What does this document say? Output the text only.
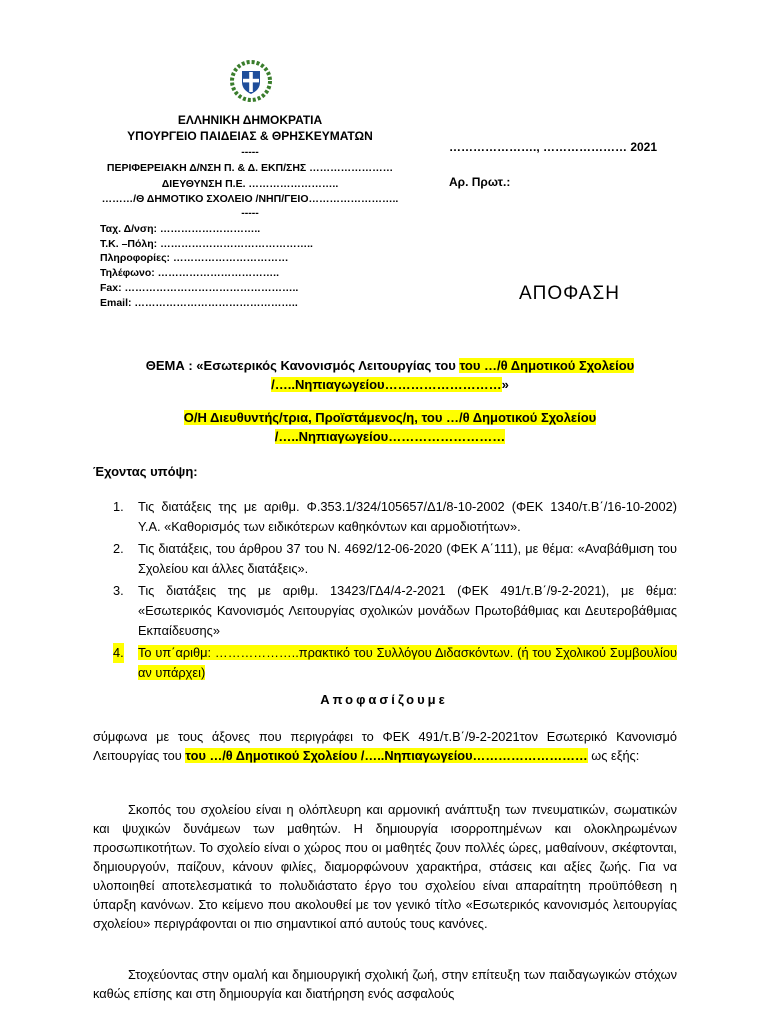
ΕΛΛΗΝΙΚΗ ΔΗΜΟΚΡΑΤΙΑ
ΥΠΟΥΡΓΕΙΟ ΠΑΙΔΕΙΑΣ & ΘΡΗΣΚΕΥΜΑΤΩΝ
-----
ΠΕΡΙΦΕΡΕΙΑΚΗ Δ/ΝΣΗ Π. & Δ. ΕΚΠ/ΣΗΣ ……………………
ΔΙΕΥΘΥΝΣΗ Π.Ε. ……………………..
………/Θ ΔΗΜΟΤΙΚΟ ΣΧΟΛΕΙΟ /ΝΗΠ/ΓΕΙΟ……………………..
-----
Ταχ. Δ/νση: ………………………..
Τ.Κ. –Πόλη: ……………………………………..
Πληροφορίες: ……………………………
Τηλέφωνο: ……………………………..
Fax: …………………………………………..
Email: ………………………………………..
…………………., ………………… 2021
Αρ. Πρωτ.:
ΑΠΟΦΑΣΗ
ΘΕΜΑ : «Εσωτερικός Κανονισμός Λειτουργίας του του …/θ Δημοτικού Σχολείου
/…..Νηπιαγωγείου………………………»
Ο/Η Διευθυντής/τρια, Προϊστάμενος/η, του …/θ Δημοτικού Σχολείου
/…..Νηπιαγωγείου………………………
Έχοντας υπόψη:
1. Τις διατάξεις της με αριθμ. Φ.353.1/324/105657/Δ1/8-10-2002 (ΦΕΚ 1340/τ.Β΄/16-10-2002) Υ.Α. «Καθορισμός των ειδικότερων καθηκόντων και αρμοδιοτήτων».
2. Τις διατάξεις, του άρθρου 37 του Ν. 4692/12-06-2020 (ΦΕΚ Α΄111), με θέμα: «Αναβάθμιση του Σχολείου και άλλες διατάξεις».
3. Τις διατάξεις της με αριθμ. 13423/ΓΔ4/4-2-2021 (ΦΕΚ 491/τ.Β΄/9-2-2021), με θέμα: «Εσωτερικός Κανονισμός Λειτουργίας σχολικών μονάδων Πρωτοβάθμιας και Δευτεροβάθμιας Εκπαίδευσης»
4. Το υπ΄αριθμ: ………………..πρακτικό του Συλλόγου Διδασκόντων. (ή του Σχολικού Συμβουλίου αν υπάρχει)
Αποφασίζουμε
σύμφωνα με τους άξονες που περιγράφει το ΦΕΚ 491/τ.Β΄/9-2-2021τον Εσωτερικό Κανονισμό Λειτουργίας του του …/θ Δημοτικού Σχολείου /…..Νηπιαγωγείου……………………… ως εξής:
Σκοπός του σχολείου είναι η ολόπλευρη και αρμονική ανάπτυξη των πνευματικών, σωματικών και ψυχικών δυνάμεων των μαθητών. Η δημιουργία ισορροπημένων και ολοκληρωμένων προσωπικοτήτων. Το σχολείο είναι ο χώρος που οι μαθητές ζουν πολλές ώρες, μαθαίνουν, σκέφτονται, δημιουργούν, παίζουν, κάνουν φιλίες, διαμορφώνουν χαρακτήρα, στάσεις και αξίες ζωής. Για να υλοποιηθεί αποτελεσματικά το πολυδιάστατο έργο του σχολείου είναι απαραίτητη προϋπόθεση η ύπαρξη κανόνων. Στο κείμενο που ακολουθεί με τον γενικό τίτλο «Εσωτερικός κανονισμός λειτουργίας σχολείου» περιγράφονται οι πιο σημαντικοί από αυτούς τους κανόνες.
Στοχεύοντας στην ομαλή και δημιουργική σχολική ζωή, στην επίτευξη των παιδαγωγικών στόχων καθώς επίσης και στη δημιουργία και διατήρηση ενός ασφαλούς
